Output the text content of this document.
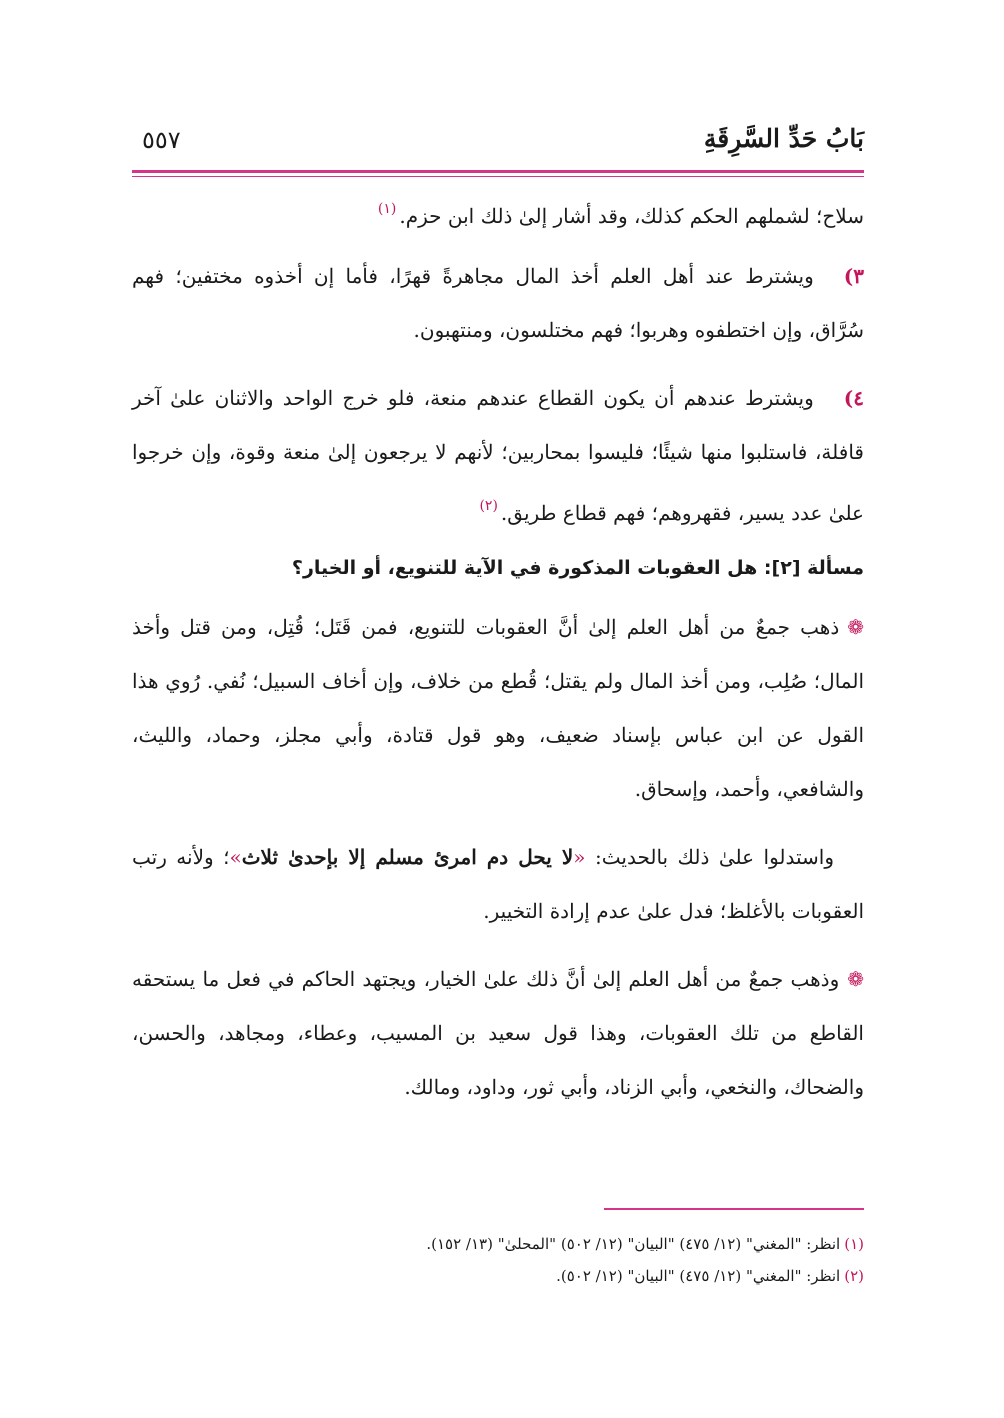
بَابُ حَدِّ السَّرِقَةِ
٥٥٧

سلاح؛ لشملهم الحكم كذلك، وقد أشار إلىٰ ذلك ابن حزم.$^{(١)}$

٣)ويشترط عند أهل العلم أخذ المال مجاهرةً قهرًا، فأما إن أخذوه مختفين؛ فهم سُرَّاق، وإن اختطفوه وهربوا؛ فهم مختلسون، ومنتهبون.

٤)ويشترط عندهم أن يكون القطاع عندهم منعة، فلو خرج الواحد والاثنان علىٰ آخر قافلة، فاستلبوا منها شيئًا؛ فليسوا بمحاربين؛ لأنهم لا يرجعون إلىٰ منعة وقوة، وإن خرجوا علىٰ عدد يسير، فقهروهم؛ فهم قطاع طريق.$^{(٢)}$

مسألة [٢]: هل العقوبات المذكورة في الآية للتنويع، أو الخيار؟

❁ذهب جمعٌ من أهل العلم إلىٰ أنَّ العقوبات للتنويع، فمن قَتَل؛ قُتِل، ومن قتل وأخذ المال؛ صُلِب، ومن أخذ المال ولم يقتل؛ قُطع من خلاف، وإن أخاف السبيل؛ نُفي. رُوي هذا القول عن ابن عباس بإسناد ضعيف، وهو قول قتادة، وأبي مجلز، وحماد، والليث، والشافعي، وأحمد، وإسحاق.

واستدلوا علىٰ ذلك بالحديث: «لا يحل دم امرئ مسلم إلا بإحدىٰ ثلاث»؛ ولأنه رتب العقوبات بالأغلظ؛ فدل علىٰ عدم إرادة التخيير.

❁وذهب جمعٌ من أهل العلم إلىٰ أنَّ ذلك علىٰ الخيار، ويجتهد الحاكم في فعل ما يستحقه القاطع من تلك العقوبات، وهذا قول سعيد بن المسيب، وعطاء، ومجاهد، والحسن، والضحاك، والنخعي، وأبي الزناد، وأبي ثور، وداود، ومالك.

(١)انظر: "المغني" (١٢/ ٤٧٥) "البيان" (١٢/ ٥٠٢) "المحلىٰ" (١٣/ ١٥٢).
(٢)انظر: "المغني" (١٢/ ٤٧٥) "البيان" (١٢/ ٥٠٢).
